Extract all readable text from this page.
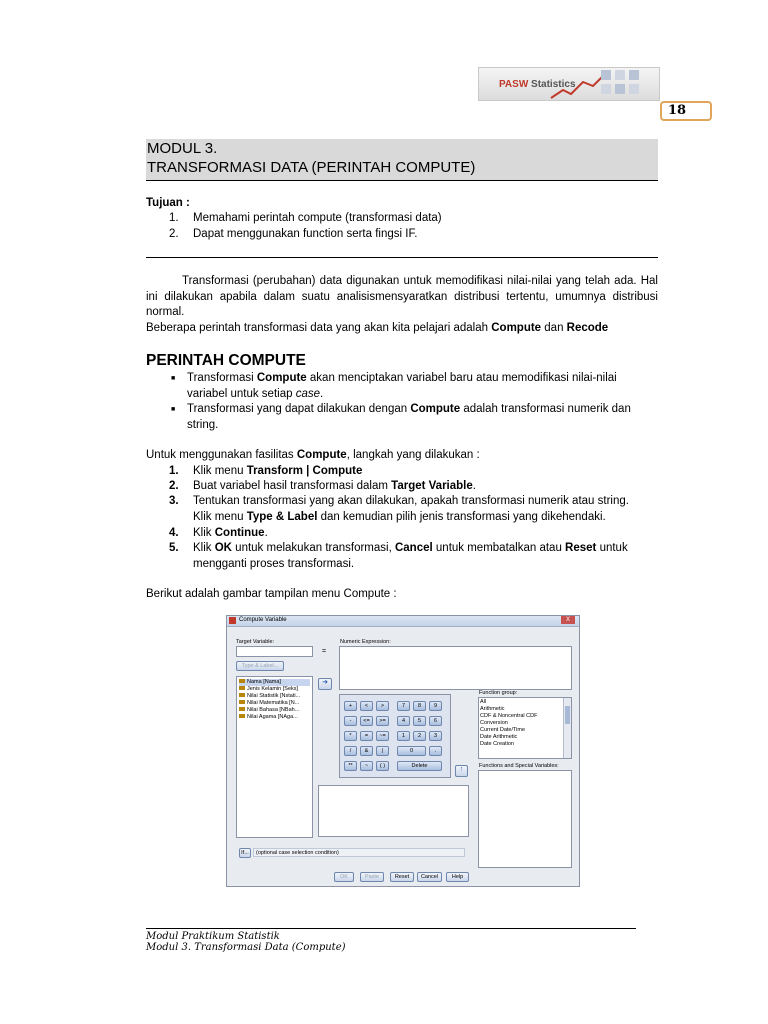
PASW Statistics
18
MODUL 3.
TRANSFORMASI DATA (PERINTAH COMPUTE)
Tujuan :
1. Memahami perintah compute (transformasi data)
2. Dapat menggunakan function serta fingsi IF.
Transformasi (perubahan) data digunakan untuk memodifikasi nilai-nilai yang telah ada. Hal ini dilakukan apabila dalam suatu analisismensyaratkan distribusi tertentu, umumnya distribusi normal.
Beberapa perintah transformasi data yang akan kita pelajari adalah Compute dan Recode
PERINTAH COMPUTE
■	Transformasi Compute akan menciptakan variabel baru atau memodifikasi nilai-nilai
variabel untuk setiap case.
■	Transformasi yang dapat dilakukan dengan Compute adalah transformasi numerik dan
string.
Untuk menggunakan fasilitas Compute, langkah yang dilakukan :
1. Klik menu Transform | Compute
2. Buat variabel hasil transformasi dalam Target Variable.
3. Tentukan transformasi yang akan dilakukan, apakah transformasi numerik atau string.
Klik menu Type & Label dan kemudian pilih jenis transformasi yang dikehendaki.
4. Klik Continue.
5. Klik OK untuk melakukan transformasi, Cancel untuk membatalkan atau Reset untuk
mengganti proses transformasi.
Berikut adalah gambar tampilan menu Compute :
Compute Variable	X
Target Variable:
=
Numeric Expression:
Type & Label...
Nama [Nama]
Jenis Kelamin [Seks]
Nilai Statistik [Nstati...
Nilai Matematika [N...
Nilai Bahasa [NBah...
Nilai Agama [NAga...
➜
+	<	>	7	8	9
-	<=	>=	4	5	6
*	=	~=	1	2	3
/	&	|	0	.
**	~	( )	Delete	↑
Function group:
All
Arithmetic
CDF & Noncentral CDF
Conversion
Current Date/Time
Date Arithmetic
Date Creation
Functions and Special Variables:
If...	(optional case selection condition)
OK	Paste	Reset	Cancel	Help
Modul Praktikum Statistik
Modul 3. Transformasi Data (Compute)
